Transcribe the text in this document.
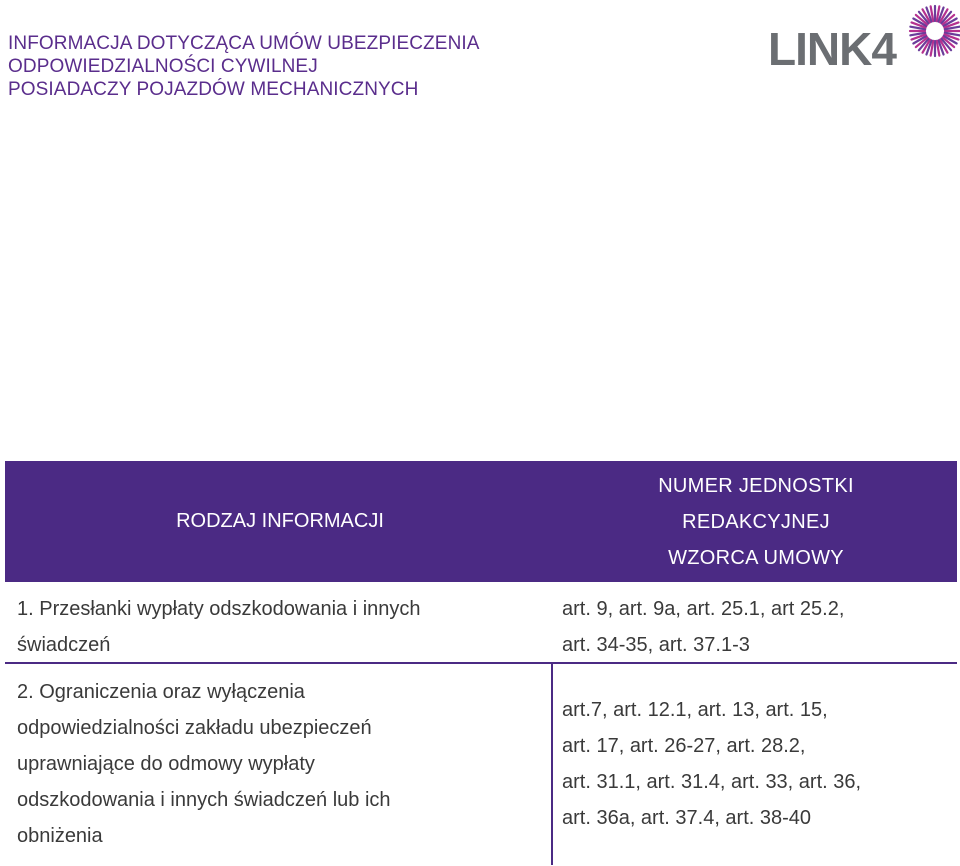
INFORMACJA DOTYCZĄCA UMÓW UBEZPIECZENIA
ODPOWIEDZIALNOŚCI CYWILNEJ
POSIADACZY POJAZDÓW MECHANICZNYCH
LINK4
RODZAJ INFORMACJI
NUMER JEDNOSTKI
REDAKCYJNEJ
WZORCA UMOWY
1. Przesłanki wypłaty odszkodowania i innych
świadczeń
art. 9, art. 9a, art. 25.1, art 25.2,
art. 34-35, art. 37.1-3
2. Ograniczenia oraz wyłączenia
odpowiedzialności zakładu ubezpieczeń
uprawniające do odmowy wypłaty
odszkodowania i innych świadczeń lub ich
obniżenia
art.7, art. 12.1, art. 13, art. 15,
art. 17, art. 26-27, art. 28.2,
art. 31.1, art. 31.4, art. 33, art. 36,
art. 36a, art. 37.4, art. 38-40
